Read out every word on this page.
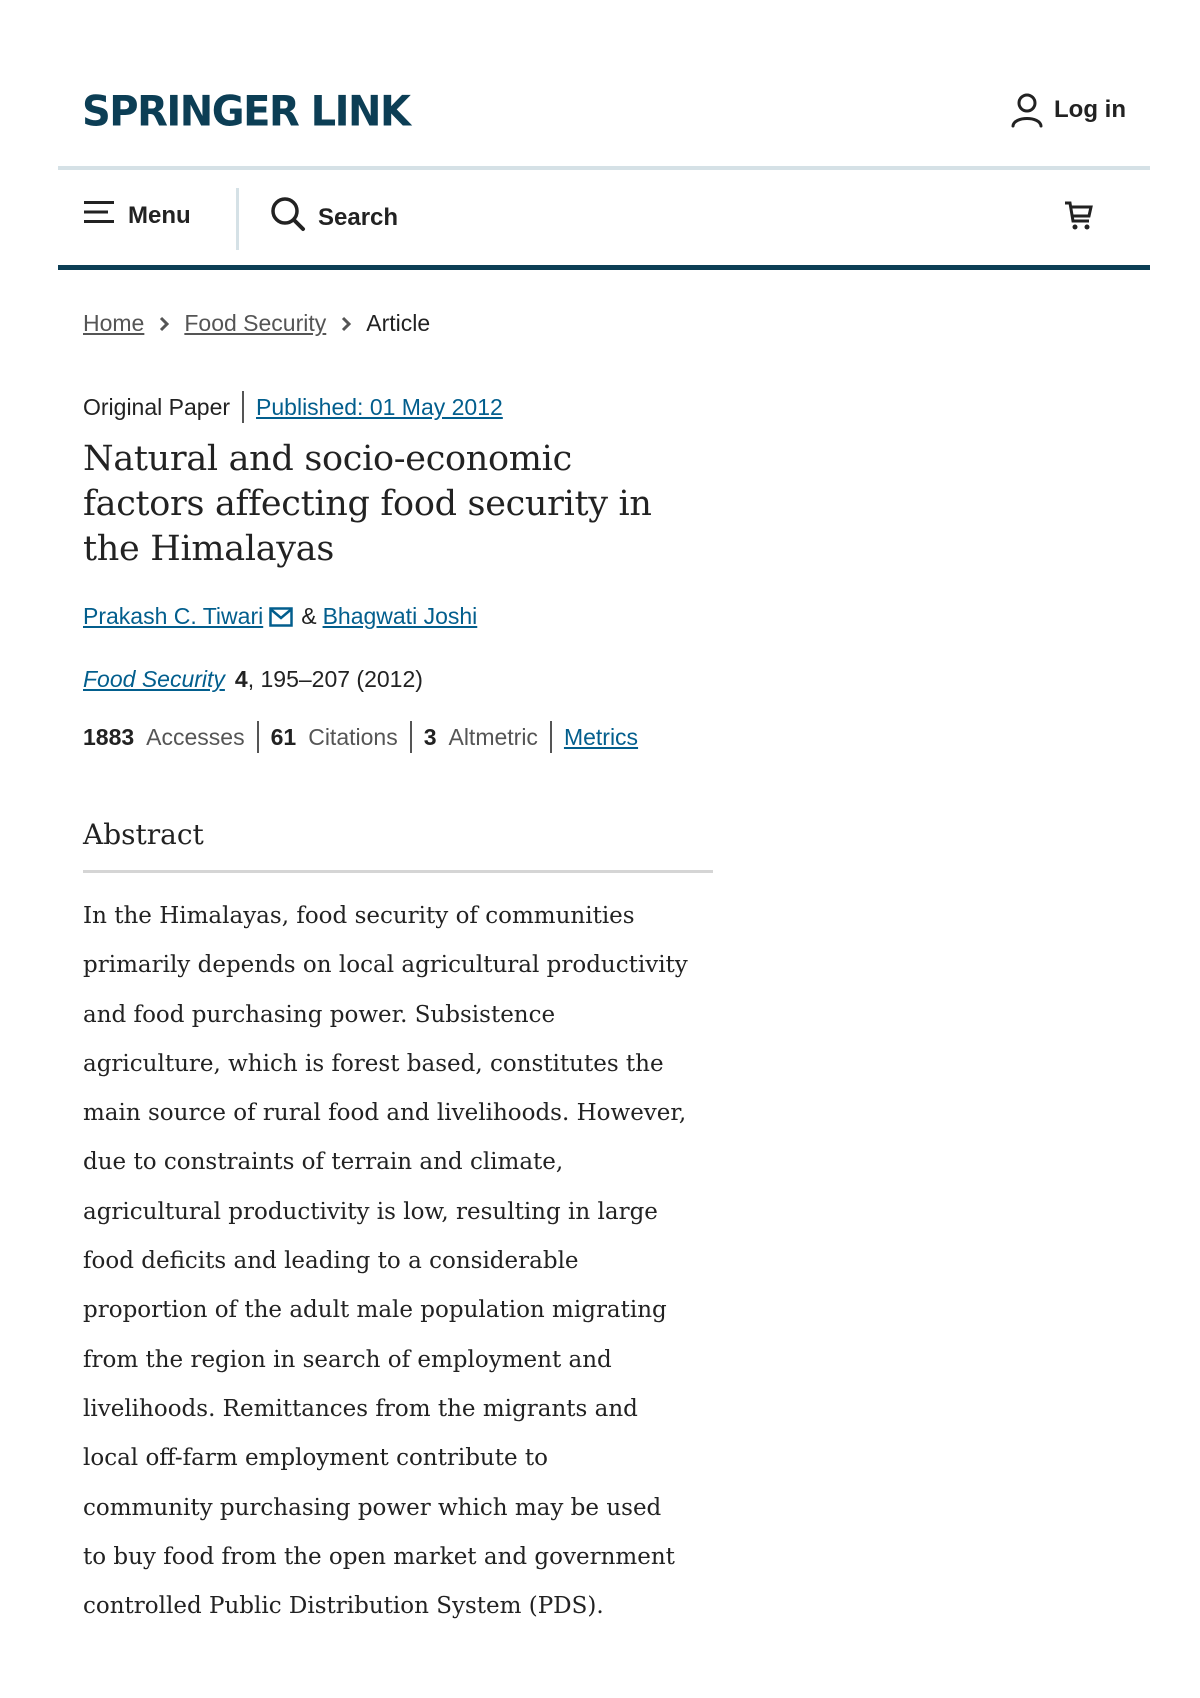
SPRINGER LINK	Log in
Menu	Search
Home Food Security Article
Original Paper Published: 01 May 2012
Natural and socio-economic factors affecting food security in the Himalayas
Prakash C. Tiwari & Bhagwati Joshi
Food Security 4 , 195–207 (2012)
1883 Accesses 61 Citations 3 Altmetric Metrics
Abstract
In the Himalayas, food security of communities
primarily depends on local agricultural productivity
and food purchasing power. Subsistence
agriculture, which is forest based, constitutes the
main source of rural food and livelihoods. However,
due to constraints of terrain and climate,
agricultural productivity is low, resulting in large
food deficits and leading to a considerable
proportion of the adult male population migrating
from the region in search of employment and
livelihoods. Remittances from the migrants and
local off-farm employment contribute to
community purchasing power which may be used
to buy food from the open market and government
controlled Public Distribution System (PDS).
